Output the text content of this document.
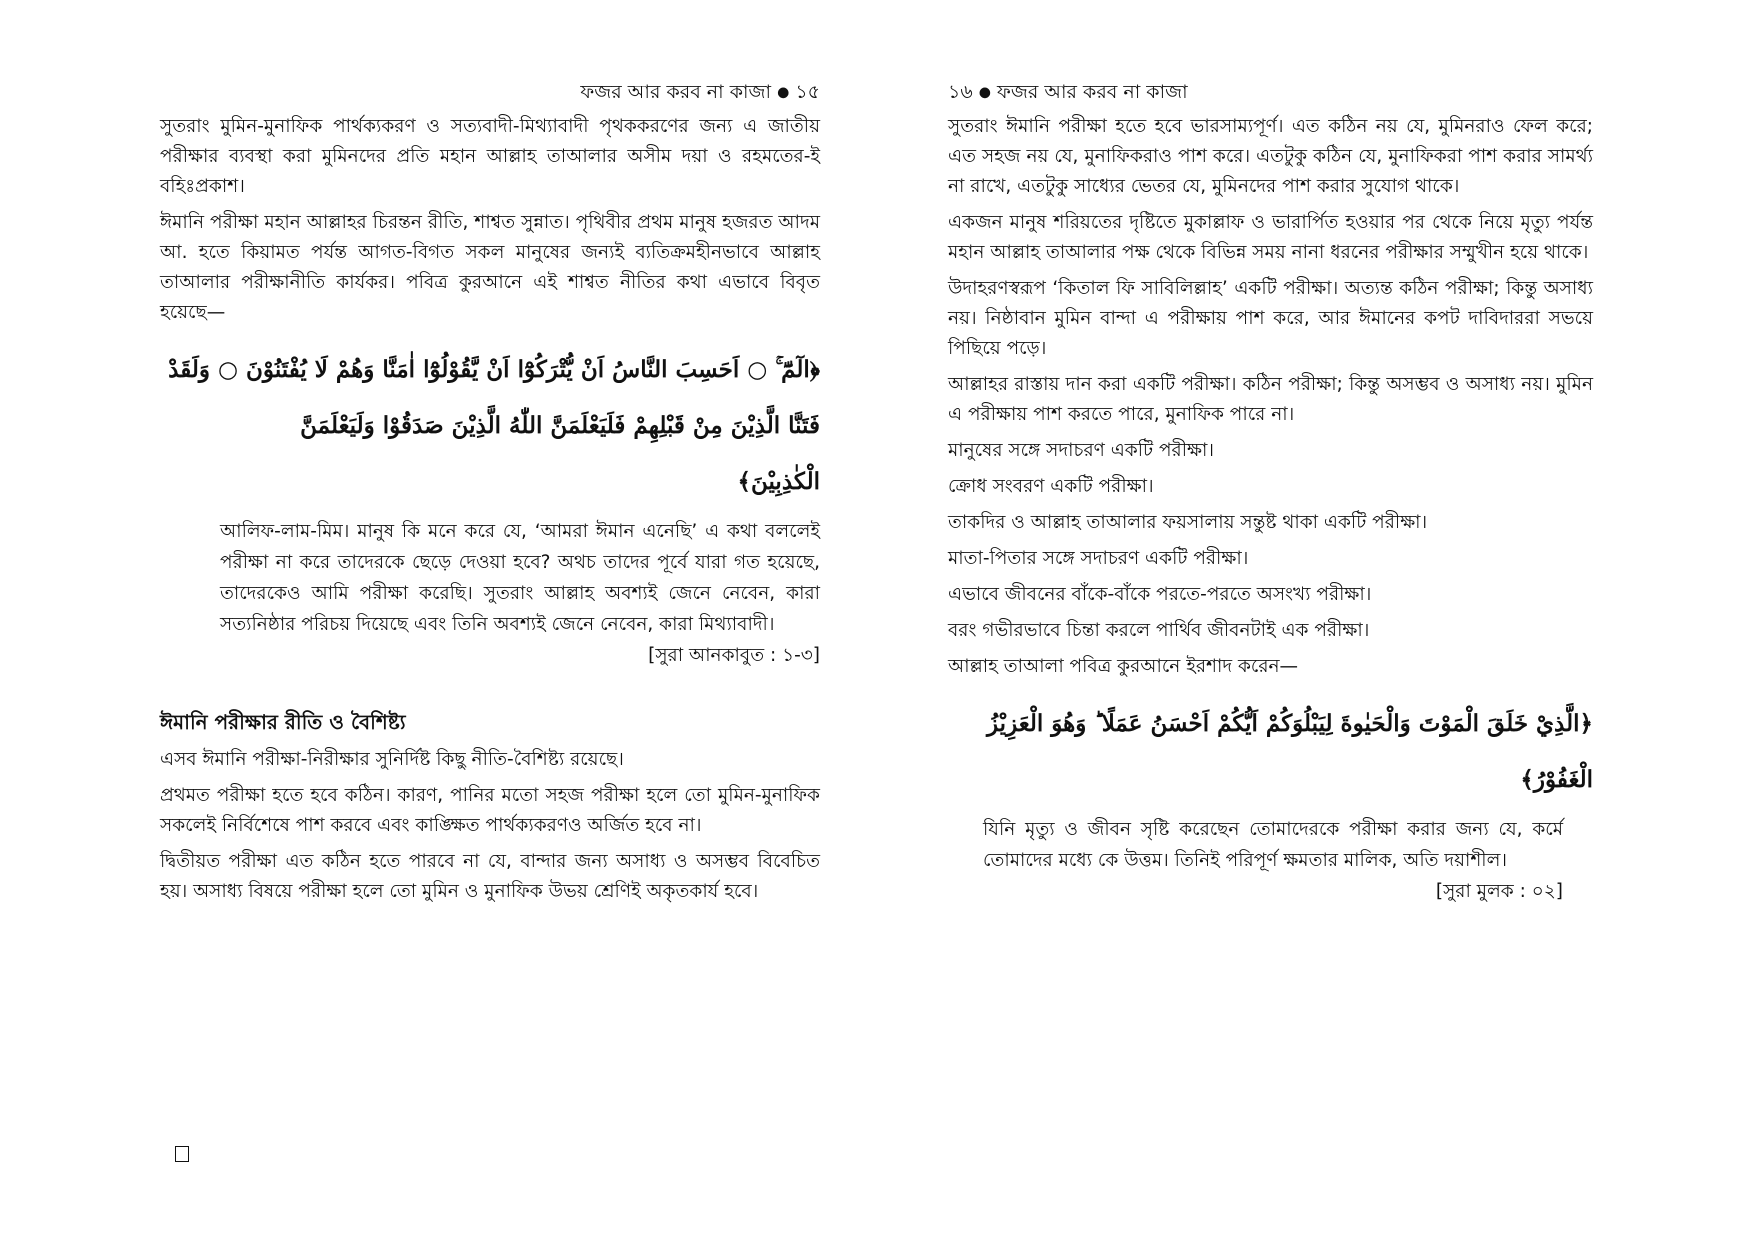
ফজর আর করব না কাজা ● ১৫

সুতরাং মুমিন-মুনাফিক পার্থক্যকরণ ও সত্যবাদী-মিথ্যাবাদী পৃথককরণের জন্য এ জাতীয় পরীক্ষার ব্যবস্থা করা মুমিনদের প্রতি মহান আল্লাহ তাআলার অসীম দয়া ও রহমতের-ই বহিঃপ্রকাশ।

ঈমানি পরীক্ষা মহান আল্লাহর চিরন্তন রীতি, শাশ্বত সুন্নাত। পৃথিবীর প্রথম মানুষ হজরত আদম আ. হতে কিয়ামত পর্যন্ত আগত-বিগত সকল মানুষের জন্যই ব্যতিক্রমহীনভাবে আল্লাহ তাআলার পরীক্ষানীতি কার্যকর। পবিত্র কুরআনে এই শাশ্বত নীতির কথা এভাবে বিবৃত হয়েছে—

﴿الٓمّٓ ۚ ○ اَحَسِبَ النَّاسُ اَنْ يُّتْرَكُوْٓا اَنْ يَّقُوْلُوْٓا اٰمَنَّا وَهُمْ لَا يُفْتَنُوْنَ ○ وَلَقَدْ
فَتَنَّا الَّذِيْنَ مِنْ قَبْلِهِمْ فَلَيَعْلَمَنَّ اللّٰهُ الَّذِيْنَ صَدَقُوْا وَلَيَعْلَمَنَّ
الْكٰذِبِيْنَ﴾
আলিফ-লাম-মিম। মানুষ কি মনে করে যে, ‘আমরা ঈমান এনেছি’ এ কথা বললেই পরীক্ষা না করে তাদেরকে ছেড়ে দেওয়া হবে? অথচ তাদের পূর্বে যারা গত হয়েছে, তাদেরকেও আমি পরীক্ষা করেছি। সুতরাং আল্লাহ অবশ্যই জেনে নেবেন, কারা সত্যনিষ্ঠার পরিচয় দিয়েছে এবং তিনি অবশ্যই জেনে নেবেন, কারা মিথ্যাবাদী।
[সুরা আনকাবুত : ১-৩]
ঈমানি পরীক্ষার রীতি ও বৈশিষ্ট্য

এসব ঈমানি পরীক্ষা-নিরীক্ষার সুনির্দিষ্ট কিছু নীতি-বৈশিষ্ট্য রয়েছে।

প্রথমত পরীক্ষা হতে হবে কঠিন। কারণ, পানির মতো সহজ পরীক্ষা হলে তো মুমিন-মুনাফিক সকলেই নির্বিশেষে পাশ করবে এবং কাঙ্ক্ষিত পার্থক্যকরণও অর্জিত হবে না।

দ্বিতীয়ত পরীক্ষা এত কঠিন হতে পারবে না যে, বান্দার জন্য অসাধ্য ও অসম্ভব বিবেচিত হয়। অসাধ্য বিষয়ে পরীক্ষা হলে তো মুমিন ও মুনাফিক উভয় শ্রেণিই অকৃতকার্য হবে।

১৬ ● ফজর আর করব না কাজা

সুতরাং ঈমানি পরীক্ষা হতে হবে ভারসাম্যপূর্ণ। এত কঠিন নয় যে, মুমিনরাও ফেল করে; এত সহজ নয় যে, মুনাফিকরাও পাশ করে। এতটুকু কঠিন যে, মুনাফিকরা পাশ করার সামর্থ্য না রাখে, এতটুকু সাধ্যের ভেতর যে, মুমিনদের পাশ করার সুযোগ থাকে।

একজন মানুষ শরিয়তের দৃষ্টিতে মুকাল্লাফ ও ভারার্পিত হওয়ার পর থেকে নিয়ে মৃত্যু পর্যন্ত মহান আল্লাহ তাআলার পক্ষ থেকে বিভিন্ন সময় নানা ধরনের পরীক্ষার সম্মুখীন হয়ে থাকে।

উদাহরণস্বরূপ ‘কিতাল ফি সাবিলিল্লাহ’ একটি পরীক্ষা। অত্যন্ত কঠিন পরীক্ষা; কিন্তু অসাধ্য নয়। নিষ্ঠাবান মুমিন বান্দা এ পরীক্ষায় পাশ করে, আর ঈমানের কপট দাবিদাররা সভয়ে পিছিয়ে পড়ে।

আল্লাহর রাস্তায় দান করা একটি পরীক্ষা। কঠিন পরীক্ষা; কিন্তু অসম্ভব ও অসাধ্য নয়। মুমিন এ পরীক্ষায় পাশ করতে পারে, মুনাফিক পারে না।

মানুষের সঙ্গে সদাচরণ একটি পরীক্ষা।

ক্রোধ সংবরণ একটি পরীক্ষা।

তাকদির ও আল্লাহ তাআলার ফয়সালায় সন্তুষ্ট থাকা একটি পরীক্ষা।

মাতা-পিতার সঙ্গে সদাচরণ একটি পরীক্ষা।

এভাবে জীবনের বাঁকে-বাঁকে পরতে-পরতে অসংখ্য পরীক্ষা।

বরং গভীরভাবে চিন্তা করলে পার্থিব জীবনটাই এক পরীক্ষা।

আল্লাহ তাআলা পবিত্র কুরআনে ইরশাদ করেন—

﴿الَّذِيْ خَلَقَ الْمَوْتَ وَالْحَيٰوةَ لِيَبْلُوَكُمْ اَيُّكُمْ اَحْسَنُ عَمَلًا ؕ وَهُوَ الْعَزِيْزُ
الْغَفُوْرُ﴾
যিনি মৃত্যু ও জীবন সৃষ্টি করেছেন তোমাদেরকে পরীক্ষা করার জন্য যে, কর্মে তোমাদের মধ্যে কে উত্তম। তিনিই পরিপূর্ণ ক্ষমতার মালিক, অতি দয়াশীল।
[সুরা মুলক : ০২]
